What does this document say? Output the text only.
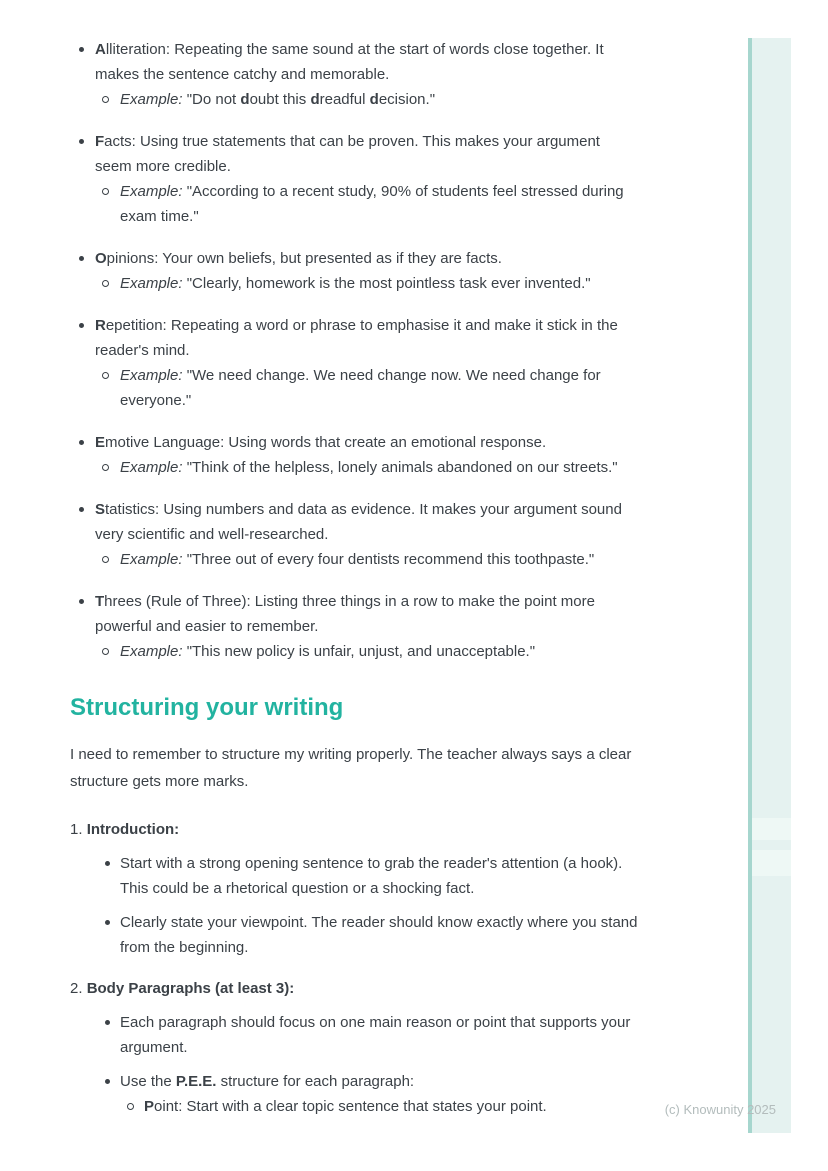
(c) Knowunity 2025
Alliteration: Repeating the same sound at the start of words close together. It makes the sentence catchy and memorable.
Example: "Do not doubt this dreadful decision."
Facts: Using true statements that can be proven. This makes your argument seem more credible.
Example: "According to a recent study, 90% of students feel stressed during exam time."
Opinions: Your own beliefs, but presented as if they are facts.
Example: "Clearly, homework is the most pointless task ever invented."
Repetition: Repeating a word or phrase to emphasise it and make it stick in the reader's mind.
Example: "We need change. We need change now. We need change for everyone."
Emotive Language: Using words that create an emotional response.
Example: "Think of the helpless, lonely animals abandoned on our streets."
Statistics: Using numbers and data as evidence. It makes your argument sound very scientific and well-researched.
Example: "Three out of every four dentists recommend this toothpaste."
Threes (Rule of Three): Listing three things in a row to make the point more powerful and easier to remember.
Example: "This new policy is unfair, unjust, and unacceptable."
Structuring your writing

I need to remember to structure my writing properly. The teacher always says a clear structure gets more marks.

1. Introduction:
Start with a strong opening sentence to grab the reader's attention (a hook). This could be a rhetorical question or a shocking fact.
Clearly state your viewpoint. The reader should know exactly where you stand from the beginning.
2. Body Paragraphs (at least 3):
Each paragraph should focus on one main reason or point that supports your argument.
Use the P.E.E. structure for each paragraph:
Point: Start with a clear topic sentence that states your point.
